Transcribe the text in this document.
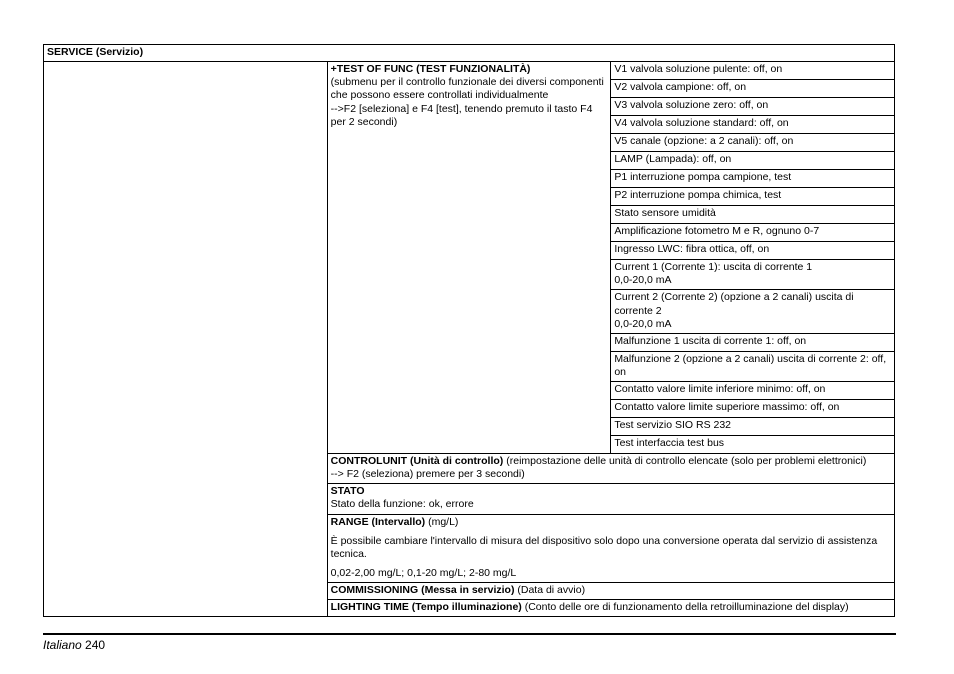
SERVICE (Servizio)

+TEST OF FUNC (TEST FUNZIONALITÀ)
(submenu per il controllo funzionale dei diversi componenti
che possono essere controllati individualmente
-->F2 [seleziona] e F4 [test], tenendo premuto il tasto F4 per 2 secondi)
	V1 valvola soluzione pulente: off, on
V2 valvola campione: off, on
V3 valvola soluzione zero: off, on
V4 valvola soluzione standard: off, on
V5 canale (opzione: a 2 canali): off, on
LAMP (Lampada): off, on
P1 interruzione pompa campione, test
P2 interruzione pompa chimica, test
Stato sensore umidità
Amplificazione fotometro M e R, ognuno 0-7
Ingresso LWC: fibra ottica, off, on

Current 1 (Corrente 1): uscita di corrente 1
0,0-20,0 mA

Current 2 (Corrente 2) (opzione a 2 canali) uscita di corrente 2
0,0-20,0 mA

Malfunzione 1 uscita di corrente 1: off, on
Malfunzione 2 (opzione a 2 canali) uscita di corrente 2: off, on
Contatto valore limite inferiore minimo: off, on
Contatto valore limite superiore massimo: off, on
Test servizio SIO RS 232
Test interfaccia test bus

CONTROLUNIT (Unità di controllo) (reimpostazione delle unità di controllo elencate (solo per problemi elettronici)
--> F2 (seleziona) premere per 3 secondi)

STATO
Stato della funzione: ok, errore

RANGE (Intervallo) (mg/L)
È possibile cambiare l'intervallo di misura del dispositivo solo dopo una conversione operata dal servizio di assistenza tecnica.
0,02-2,00 mg/L; 0,1-20 mg/L; 2-80 mg/L

COMMISSIONING (Messa in servizio) (Data di avvio)
LIGHTING TIME (Tempo illuminazione) (Conto delle ore di funzionamento della retroilluminazione del display)
Italiano 240
